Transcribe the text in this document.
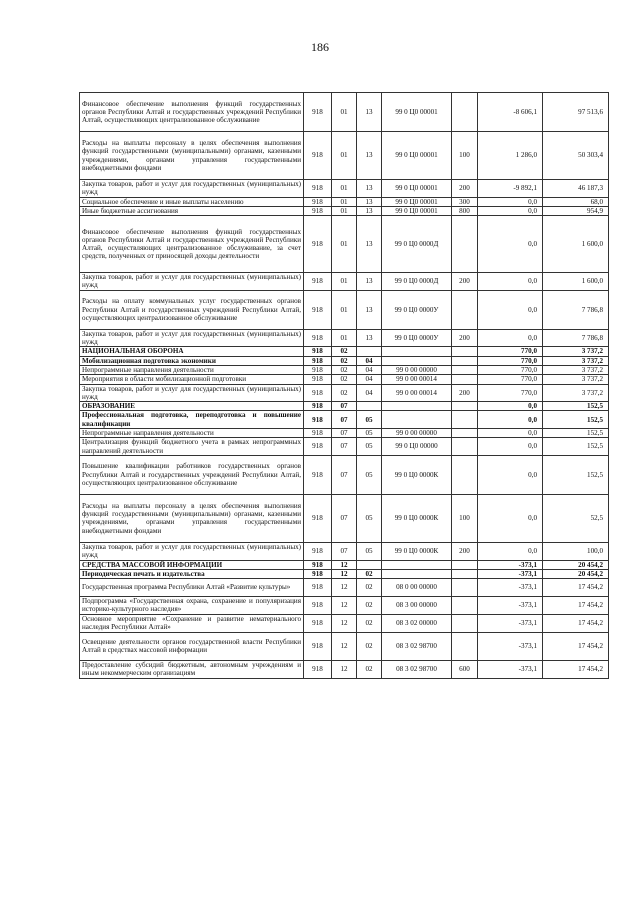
186
Финансовое обеспечение выполнения функций государственных органов Республики Алтай и государственных учреждений Республики Алтай, осуществляющих централизованное обслуживание	918	01	13	99 0 Ц0 00001		-8 606,1	97 513,6
Расходы на выплаты персоналу в целях обеспечения выполнения функций государственными (муниципальными) органами, казенными учреждениями, органами управления государственными внебюджетными фондами	918	01	13	99 0 Ц0 00001	100	1 286,0	50 303,4
Закупка товаров, работ и услуг для государственных (муниципальных) нужд	918	01	13	99 0 Ц0 00001	200	-9 892,1	46 187,3
Социальное обеспечение и иные выплаты населению	918	01	13	99 0 Ц0 00001	300	0,0	68,0
Иные бюджетные ассигнования	918	01	13	99 0 Ц0 00001	800	0,0	954,9
Финансовое обеспечение выполнения функций государственных органов Республики Алтай и государственных учреждений Республики Алтай, осуществляющих централизованное обслуживание, за счет средств, полученных от приносящей доходы деятельности	918	01	13	99 0 Ц0 0000Д		0,0	1 600,0
Закупка товаров, работ и услуг для государственных (муниципальных) нужд	918	01	13	99 0 Ц0 0000Д	200	0,0	1 600,0
Расходы на оплату коммунальных услуг государственных органов Республики Алтай и государственных учреждений Республики Алтай, осуществляющих централизованное обслуживание	918	01	13	99 0 Ц0 0000У		0,0	7 786,8
Закупка товаров, работ и услуг для государственных (муниципальных) нужд	918	01	13	99 0 Ц0 0000У	200	0,0	7 786,8
НАЦИОНАЛЬНАЯ ОБОРОНА	918	02				770,0	3 737,2
Мобилизационная подготовка экономики	918	02	04			770,0	3 737,2
Непрограммные направления деятельности	918	02	04	99 0 00 00000		770,0	3 737,2
Мероприятия в области мобилизационной подготовки	918	02	04	99 0 00 00014		770,0	3 737,2
Закупка товаров, работ и услуг для государственных (муниципальных) нужд	918	02	04	99 0 00 00014	200	770,0	3 737,2
ОБРАЗОВАНИЕ	918	07				0,0	152,5
Профессиональная подготовка, переподготовка и повышение квалификации	918	07	05			0,0	152,5
Непрограммные направления деятельности	918	07	05	99 0 00 00000		0,0	152,5
Централизация функций бюджетного учета в рамках непрограммных направлений деятельности	918	07	05	99 0 Ц0 00000		0,0	152,5
Повышение квалификации работников государственных органов Республики Алтай и государственных учреждений Республики Алтай, осуществляющих централизованное обслуживание	918	07	05	99 0 Ц0 0000К		0,0	152,5
Расходы на выплаты персоналу в целях обеспечения выполнения функций государственными (муниципальными) органами, казенными учреждениями, органами управления государственными внебюджетными фондами	918	07	05	99 0 Ц0 0000К	100	0,0	52,5
Закупка товаров, работ и услуг для государственных (муниципальных) нужд	918	07	05	99 0 Ц0 0000К	200	0,0	100,0
СРЕДСТВА МАССОВОЙ ИНФОРМАЦИИ	918	12				-373,1	20 454,2
Периодическая печать и издательства	918	12	02			-373,1	20 454,2
Государственная программа Республики Алтай «Развитие культуры»	918	12	02	08 0 00 00000		-373,1	17 454,2
Подпрограмма «Государственная охрана, сохранение и популяризация историко-культурного наследия»	918	12	02	08 3 00 00000		-373,1	17 454,2
Основное мероприятие «Сохранение и развитие нематериального наследия Республики Алтай»	918	12	02	08 3 02 00000		-373,1	17 454,2
Освещение деятельности органов государственной власти Республики Алтай в средствах массовой информации	918	12	02	08 3 02 98700		-373,1	17 454,2
Предоставление субсидий бюджетным, автономным учреждениям и иным некоммерческим организациям	918	12	02	08 3 02 98700	600	-373,1	17 454,2
